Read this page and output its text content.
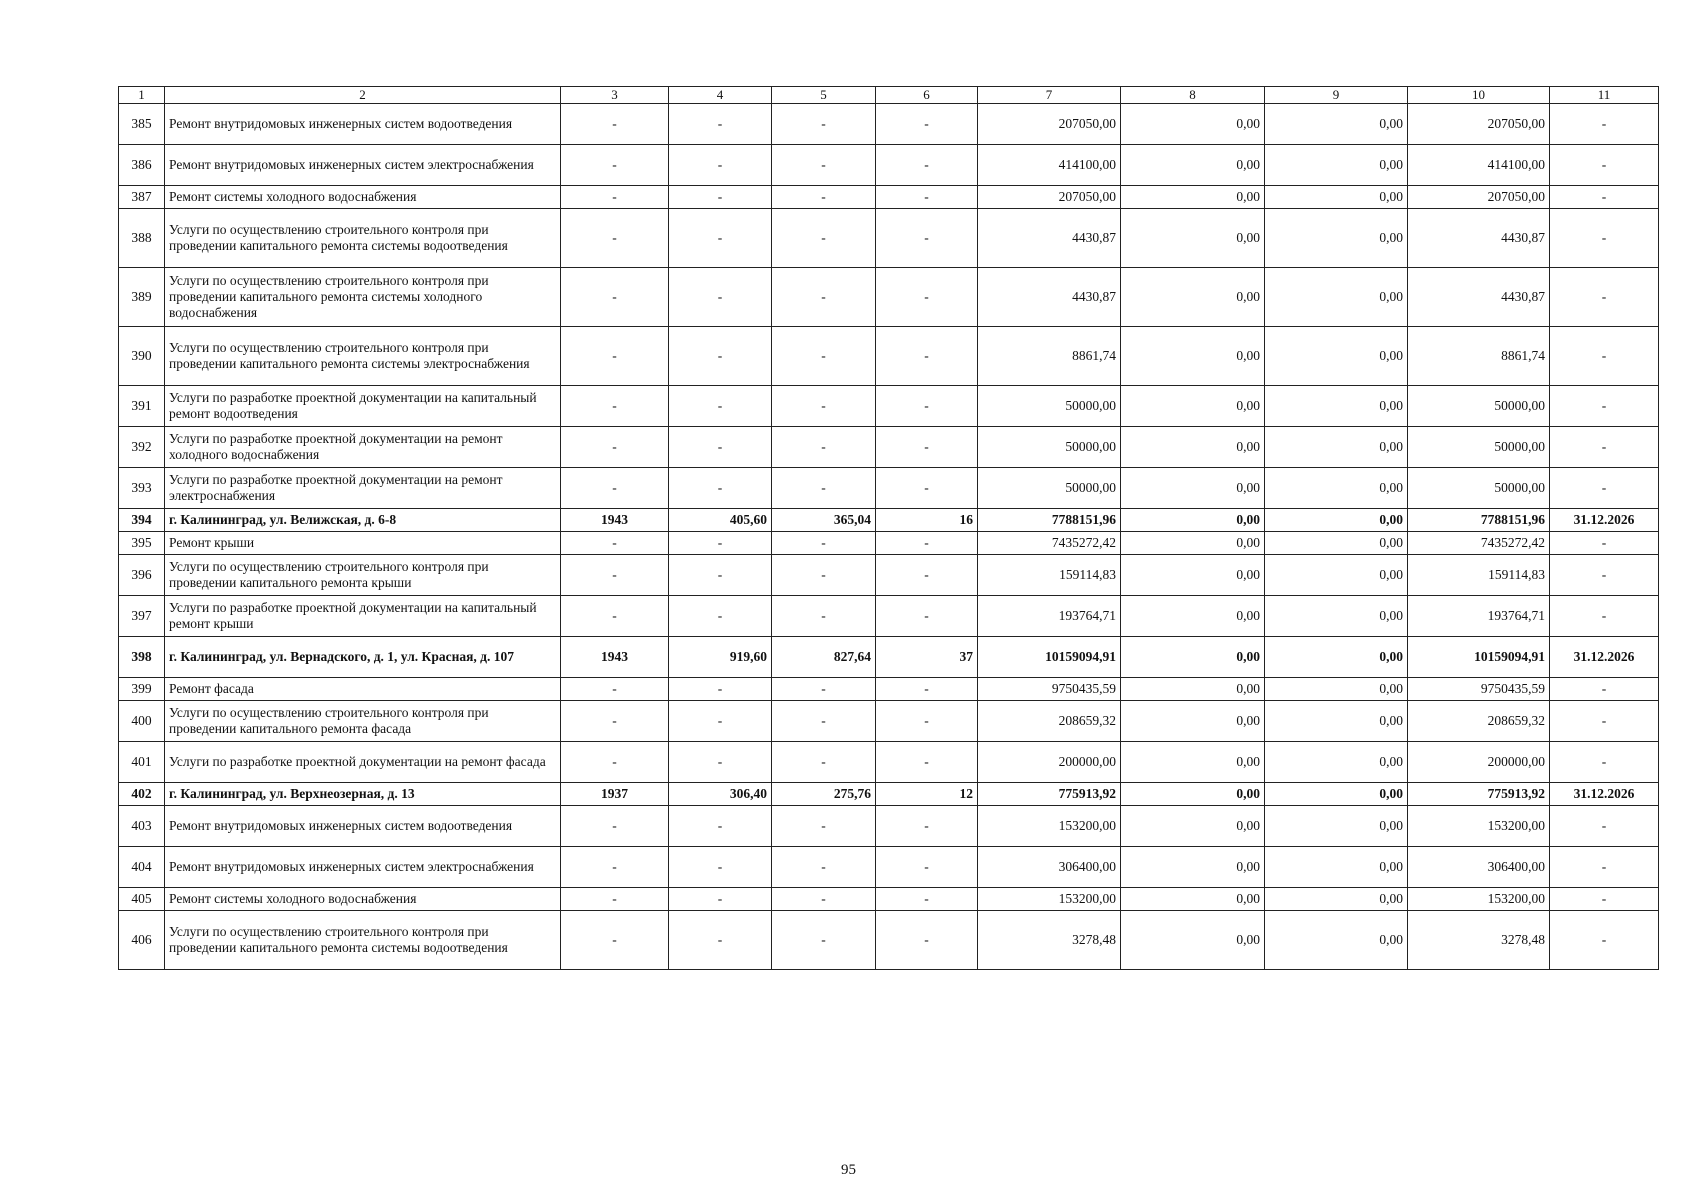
1	2	3	4	5	6	7	8	9	10	11
385	Ремонт внутридомовых инженерных систем водоотведения	-	-	-	-	207050,00	0,00	0,00	207050,00	-
386	Ремонт внутридомовых инженерных систем электроснабжения	-	-	-	-	414100,00	0,00	0,00	414100,00	-
387	Ремонт системы холодного водоснабжения	-	-	-	-	207050,00	0,00	0,00	207050,00	-
388	Услуги по осуществлению строительного контроля при проведении капитального ремонта системы водоотведения	-	-	-	-	4430,87	0,00	0,00	4430,87	-
389	Услуги по осуществлению строительного контроля при проведении капитального ремонта системы холодного водоснабжения	-	-	-	-	4430,87	0,00	0,00	4430,87	-
390	Услуги по осуществлению строительного контроля при проведении капитального ремонта системы электроснабжения	-	-	-	-	8861,74	0,00	0,00	8861,74	-
391	Услуги по разработке проектной документации на капитальный ремонт водоотведения	-	-	-	-	50000,00	0,00	0,00	50000,00	-
392	Услуги по разработке проектной документации на ремонт холодного водоснабжения	-	-	-	-	50000,00	0,00	0,00	50000,00	-
393	Услуги по разработке проектной документации на ремонт электроснабжения	-	-	-	-	50000,00	0,00	0,00	50000,00	-
394	г. Калининград, ул. Велижская, д. 6-8	1943	405,60	365,04	16	7788151,96	0,00	0,00	7788151,96	31.12.2026
395	Ремонт крыши	-	-	-	-	7435272,42	0,00	0,00	7435272,42	-
396	Услуги по осуществлению строительного контроля при проведении капитального ремонта крыши	-	-	-	-	159114,83	0,00	0,00	159114,83	-
397	Услуги по разработке проектной документации на капитальный ремонт крыши	-	-	-	-	193764,71	0,00	0,00	193764,71	-
398	г. Калининград, ул. Вернадского, д. 1, ул. Красная, д. 107	1943	919,60	827,64	37	10159094,91	0,00	0,00	10159094,91	31.12.2026
399	Ремонт фасада	-	-	-	-	9750435,59	0,00	0,00	9750435,59	-
400	Услуги по осуществлению строительного контроля при проведении капитального ремонта фасада	-	-	-	-	208659,32	0,00	0,00	208659,32	-
401	Услуги по разработке проектной документации на ремонт фасада	-	-	-	-	200000,00	0,00	0,00	200000,00	-
402	г. Калининград, ул. Верхнеозерная, д. 13	1937	306,40	275,76	12	775913,92	0,00	0,00	775913,92	31.12.2026
403	Ремонт внутридомовых инженерных систем водоотведения	-	-	-	-	153200,00	0,00	0,00	153200,00	-
404	Ремонт внутридомовых инженерных систем электроснабжения	-	-	-	-	306400,00	0,00	0,00	306400,00	-
405	Ремонт системы холодного водоснабжения	-	-	-	-	153200,00	0,00	0,00	153200,00	-
406	Услуги по осуществлению строительного контроля при проведении капитального ремонта системы водоотведения	-	-	-	-	3278,48	0,00	0,00	3278,48	-
95
